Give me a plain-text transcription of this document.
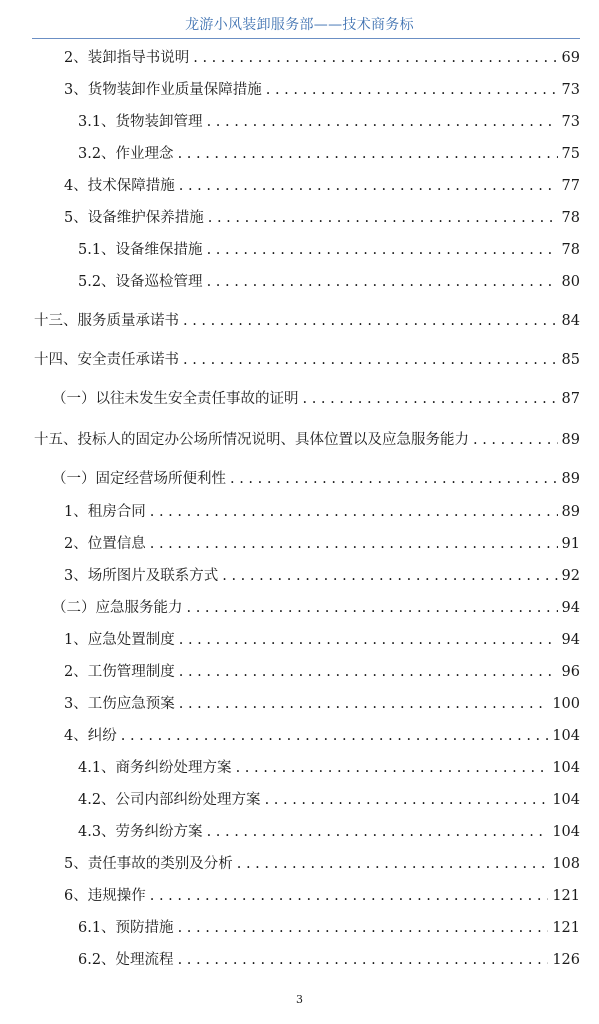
龙游小风装卸服务部——技术商务标
2、装卸指导书说明 . . .	69
3、货物装卸作业质量保障措施 . . .	73
3.1、货物装卸管理 . . .	73
3.2、作业理念 . . .	75
4、技术保障措施 . . .	77
5、设备维护保养措施 . . .	78
5.1、设备维保措施 . . .	78
5.2、设备巡检管理 . . .	80
十三、服务质量承诺书 . . .	84
十四、安全责任承诺书 . . .	85
（一）以往未发生安全责任事故的证明 . . .	87
十五、投标人的固定办公场所情况说明、具体位置以及应急服务能力 . . .	89
（一）固定经营场所便利性 . . .	89
1、租房合同 . . .	89
2、位置信息 . . .	91
3、场所图片及联系方式 . . .	92
（二）应急服务能力 . . .	94
1、应急处置制度 . . .	94
2、工伤管理制度 . . .	96
3、工伤应急预案 . . .	100
4、纠纷 . . .	104
4.1、商务纠纷处理方案 . . .	104
4.2、公司内部纠纷处理方案 . . .	104
4.3、劳务纠纷方案 . . .	104
5、责任事故的类别及分析 . . .	108
6、违规操作 . . .	121
6.1、预防措施 . . .	121
6.2、处理流程 . . .	126
3
